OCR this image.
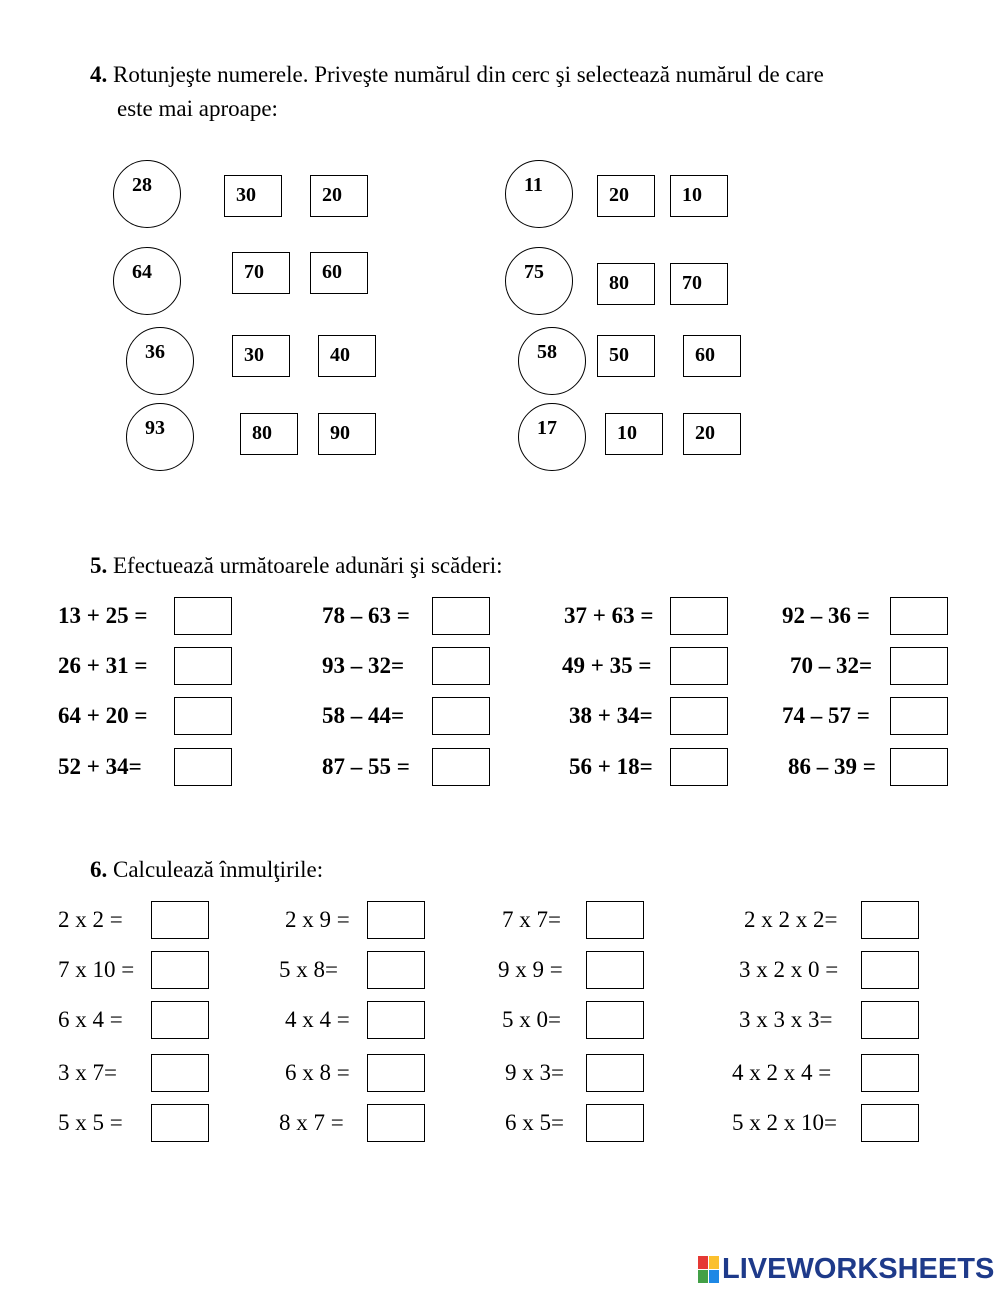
4. Rotunjeşte numerele. Priveşte numărul din cerc şi selectează numărul de care
este mai aproape:
28	30	20
64	70	60
36	30	40
93	80	90
11	20	10
75	80	70
58	50	60
17	10	20
5. Efectuează următoarele adunări şi scăderi:
13 + 25 =	78 – 63 =	37 + 63 =	92 – 36 =
26 + 31 =	93 – 32=	49 + 35 =	70 – 32=
64 + 20 =	58 – 44=	38 + 34=	74 – 57 =
52 + 34=	87 – 55 =	56 + 18=	86 – 39 =
6. Calculează înmulţirile:
2 x 2 =	2 x 9 =	7 x 7=	2 x 2 x 2=
7 x 10 =	5 x 8=	9 x 9 =	3 x 2 x 0 =
6 x 4 =	4 x 4 =	5 x 0=	3 x 3 x 3=
3 x 7=	6 x 8 =	9 x 3=	4 x 2 x 4 =
5 x 5 =	8 x 7 =	6 x 5=	5 x 2 x 10=
LIVEWORKSHEETS
